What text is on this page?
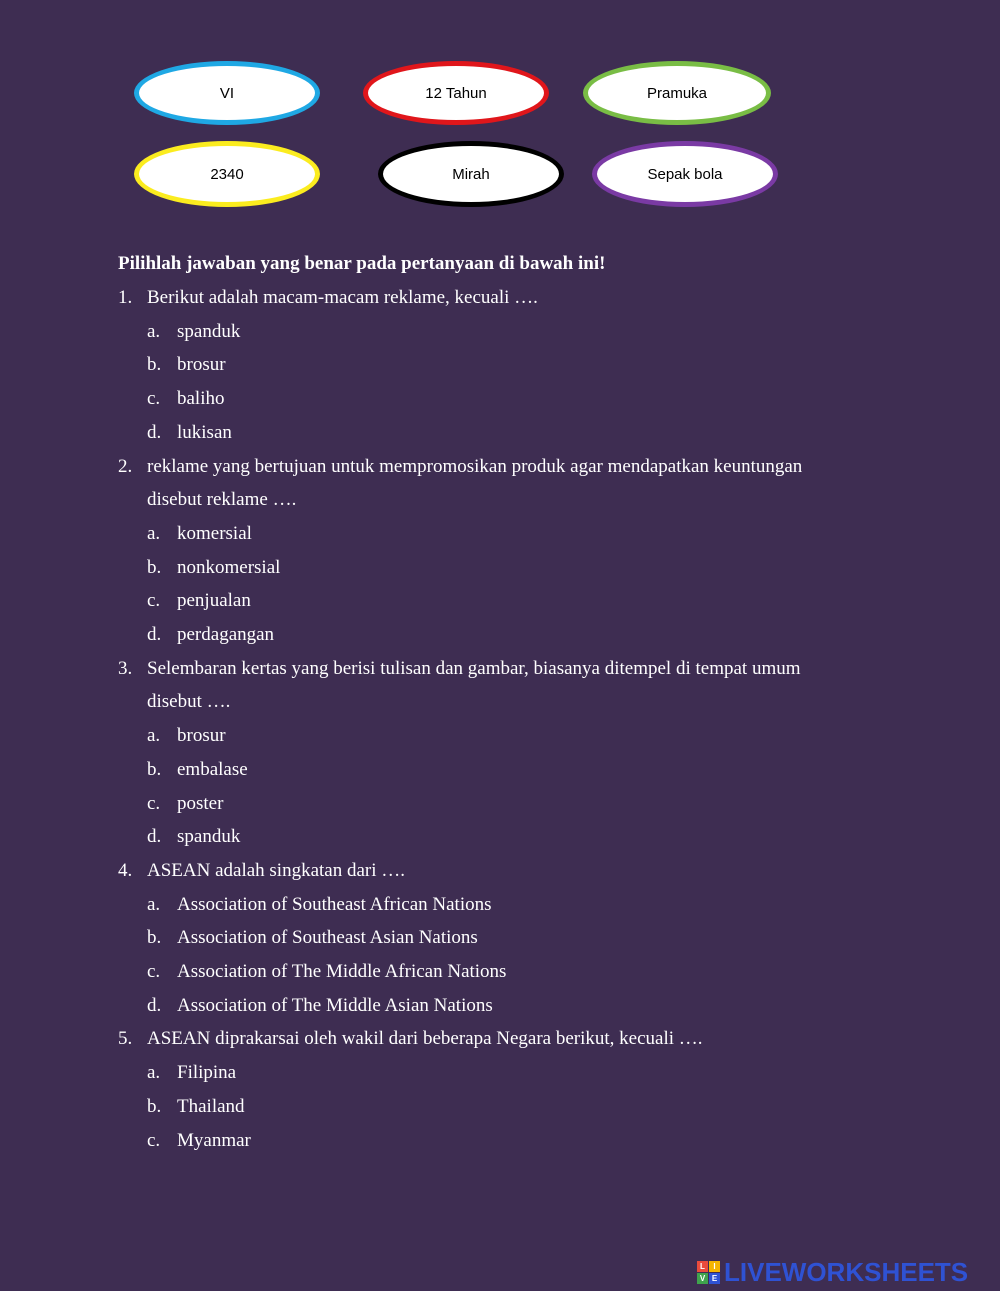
VI	12 Tahun	Pramuka
2340	Mirah	Sepak bola
Pilihlah jawaban yang benar pada pertanyaan di bawah ini!
1. Berikut adalah macam-macam reklame, kecuali ….
a. spanduk
b. brosur
c. baliho
d. lukisan
2. reklame yang bertujuan untuk mempromosikan produk agar mendapatkan keuntungan
disebut reklame ….
a. komersial
b. nonkomersial
c. penjualan
d. perdagangan
3. Selembaran kertas yang berisi tulisan dan gambar, biasanya ditempel di tempat umum
disebut ….
a. brosur
b. embalase
c. poster
d. spanduk
4. ASEAN adalah singkatan dari ….
a. Association of Southeast African Nations
b. Association of Southeast Asian Nations
c. Association of The Middle African Nations
d. Association of The Middle Asian Nations
5. ASEAN diprakarsai oleh wakil dari beberapa Negara berikut, kecuali ….
a. Filipina
b. Thailand
c. Myanmar
L	I
V E LIVEWORKSHEETS
